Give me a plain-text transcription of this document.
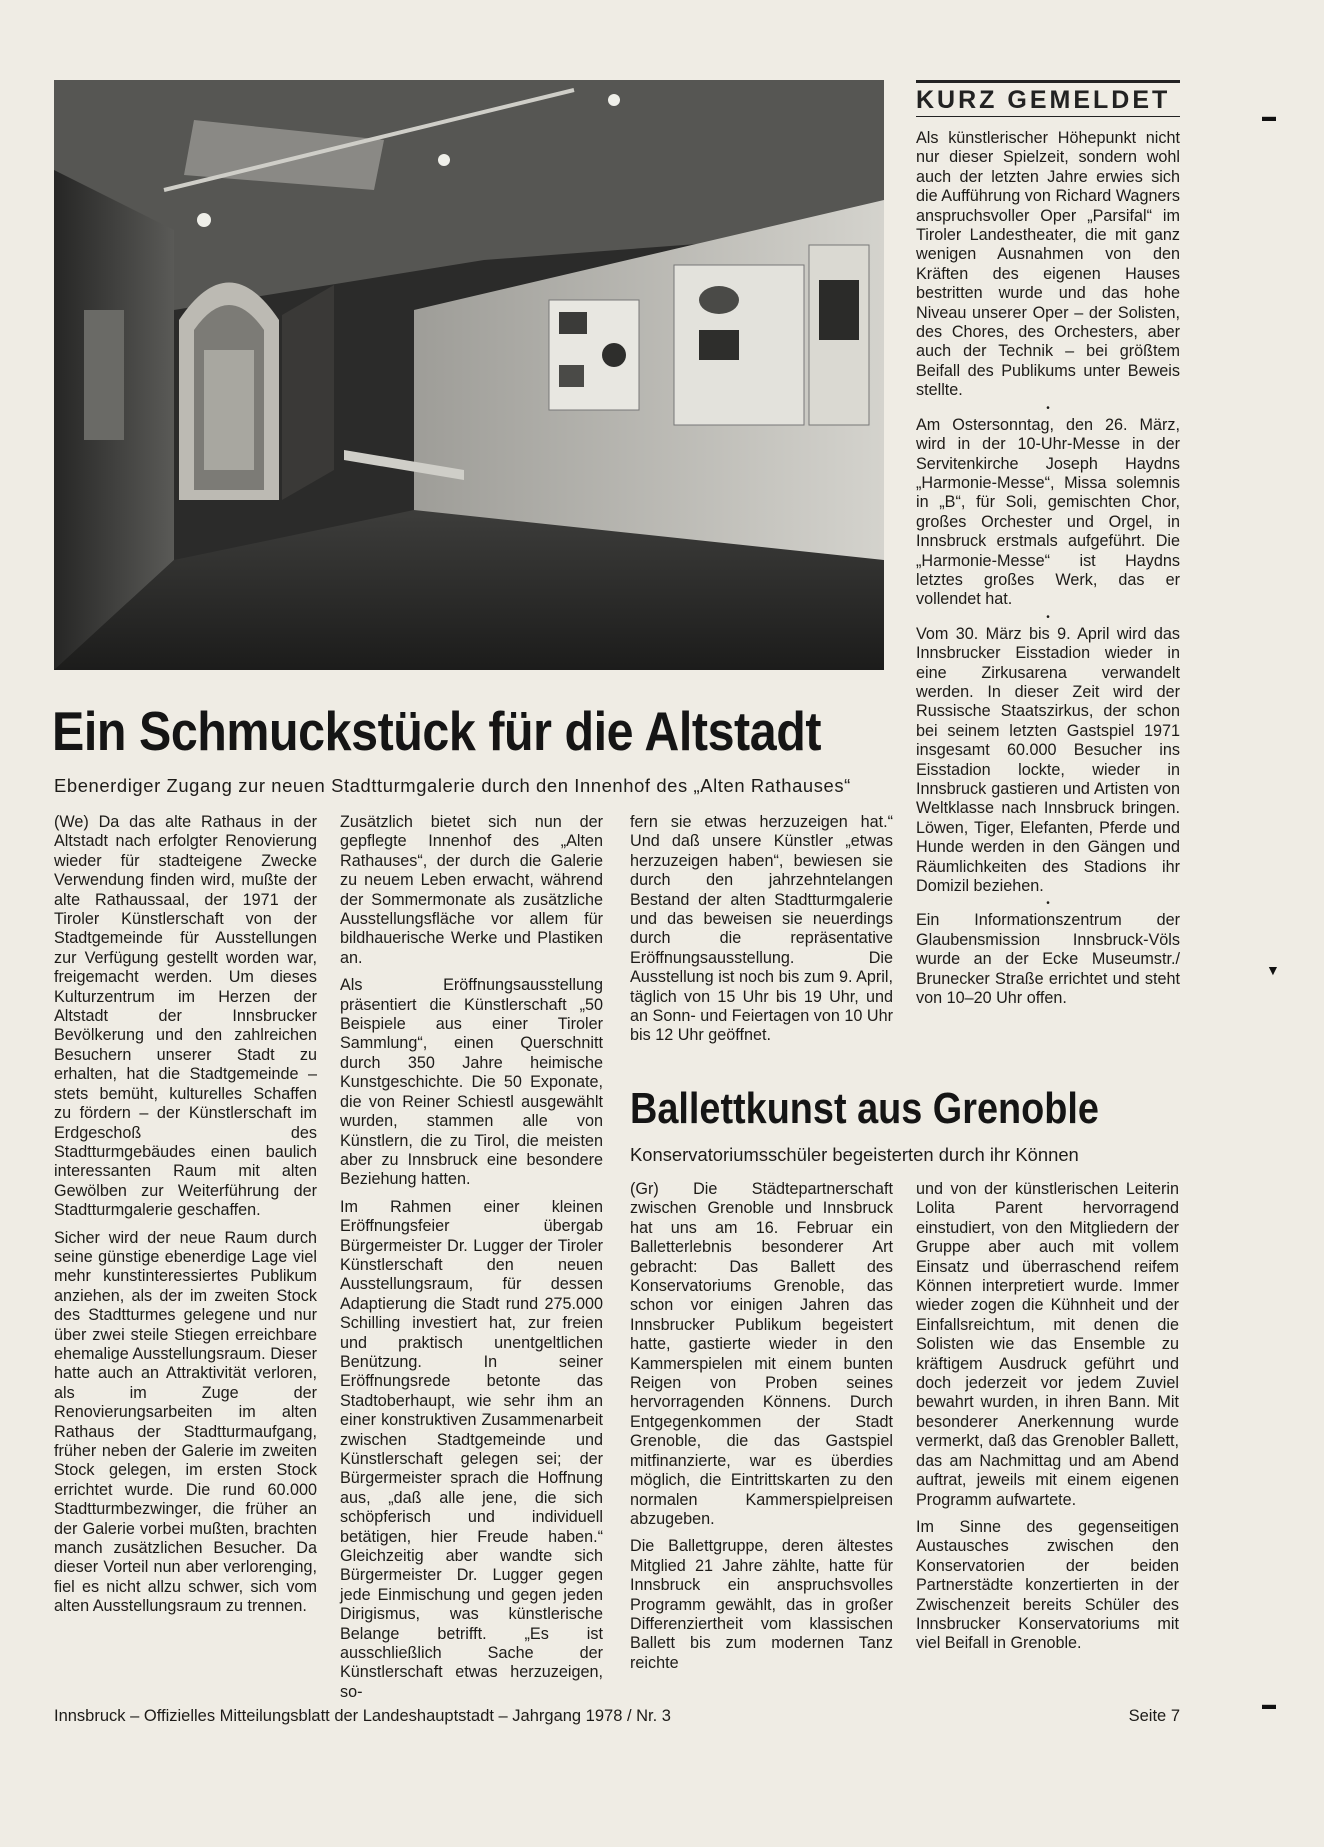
KURZ GEMELDET

Als künstlerischer Höhepunkt nicht nur dieser Spielzeit, sondern wohl auch der letzten Jahre erwies sich die Aufführung von Richard Wagners anspruchsvoller Oper „Parsifal“ im Tiroler Landestheater, die mit ganz wenigen Ausnahmen von den Kräften des eigenen Hauses bestritten wurde und das hohe Niveau unserer Oper – der Solisten, des Chores, des Orchesters, aber auch der Technik – bei größtem Beifall des Publikums unter Beweis stellte.

•

Am Ostersonntag, den 26. März, wird in der 10-Uhr-Messe in der Servitenkirche Joseph Haydns „Harmonie-Messe“, Missa solemnis in „B“, für Soli, gemischten Chor, großes Orchester und Orgel, in Innsbruck erstmals aufgeführt. Die „Harmonie-Messe“ ist Haydns letztes großes Werk, das er vollendet hat.

•

Vom 30. März bis 9. April wird das Innsbrucker Eisstadion wieder in eine Zirkusarena verwandelt werden. In dieser Zeit wird der Russische Staatszirkus, der schon bei seinem letzten Gastspiel 1971 insgesamt 60.000 Besucher ins Eisstadion lockte, wieder in Innsbruck gastieren und Artisten von Weltklasse nach Innsbruck bringen. Löwen, Tiger, Elefanten, Pferde und Hunde werden in den Gängen und Räumlichkeiten des Stadions ihr Domizil beziehen.

•

Ein Informationszentrum der Glaubensmission Innsbruck-Völs wurde an der Ecke Museumstr./ Brunecker Straße errichtet und steht von 10–20 Uhr offen.

Ein Schmuckstück für die Altstadt

Ebenerdiger Zugang zur neuen Stadtturmgalerie durch den Innenhof des „Alten Rathauses“

(We) Da das alte Rathaus in der Altstadt nach erfolgter Renovierung wieder für stadteigene Zwecke Verwendung finden wird, mußte der alte Rathaussaal, der 1971 der Tiroler Künstlerschaft von der Stadtgemeinde für Ausstellungen zur Verfügung gestellt worden war, freigemacht werden. Um dieses Kulturzentrum im Herzen der Altstadt der Innsbrucker Bevölkerung und den zahlreichen Besuchern unserer Stadt zu erhalten, hat die Stadtgemeinde – stets bemüht, kulturelles Schaffen zu fördern – der Künstlerschaft im Erdgeschoß des Stadtturmgebäudes einen baulich interessanten Raum mit alten Gewölben zur Weiterführung der Stadtturmgalerie geschaffen.

Sicher wird der neue Raum durch seine günstige ebenerdige Lage viel mehr kunstinteressiertes Publikum anziehen, als der im zweiten Stock des Stadtturmes gelegene und nur über zwei steile Stiegen erreichbare ehemalige Ausstellungsraum. Dieser hatte auch an Attraktivität verloren, als im Zuge der Renovierungsarbeiten im alten Rathaus der Stadtturmaufgang, früher neben der Galerie im zweiten Stock gelegen, im ersten Stock errichtet wurde. Die rund 60.000 Stadtturmbezwinger, die früher an der Galerie vorbei mußten, brachten manch zusätzlichen Besucher. Da dieser Vorteil nun aber verlorenging, fiel es nicht allzu schwer, sich vom alten Ausstellungsraum zu trennen.

Zusätzlich bietet sich nun der gepflegte Innenhof des „Alten Rathauses“, der durch die Galerie zu neuem Leben erwacht, während der Sommermonate als zusätzliche Ausstellungsfläche vor allem für bildhauerische Werke und Plastiken an.

Als Eröffnungsausstellung präsentiert die Künstlerschaft „50 Beispiele aus einer Tiroler Sammlung“, einen Querschnitt durch 350 Jahre heimische Kunstgeschichte. Die 50 Exponate, die von Reiner Schiestl ausgewählt wurden, stammen alle von Künstlern, die zu Tirol, die meisten aber zu Innsbruck eine besondere Beziehung hatten.

Im Rahmen einer kleinen Eröffnungsfeier übergab Bürgermeister Dr. Lugger der Tiroler Künstlerschaft den neuen Ausstellungsraum, für dessen Adaptierung die Stadt rund 275.000 Schilling investiert hat, zur freien und praktisch unentgeltlichen Benützung. In seiner Eröffnungsrede betonte das Stadtoberhaupt, wie sehr ihm an einer konstruktiven Zusammenarbeit zwischen Stadtgemeinde und Künstlerschaft gelegen sei; der Bürgermeister sprach die Hoffnung aus, „daß alle jene, die sich schöpferisch und individuell betätigen, hier Freude haben.“ Gleichzeitig aber wandte sich Bürgermeister Dr. Lugger gegen jede Einmischung und gegen jeden Dirigismus, was künstlerische Belange betrifft. „Es ist ausschließlich Sache der Künstlerschaft etwas herzuzeigen, so-

fern sie etwas herzuzeigen hat.“ Und daß unsere Künstler „etwas herzuzeigen haben“, bewiesen sie durch den jahrzehntelangen Bestand der alten Stadtturmgalerie und das beweisen sie neuerdings durch die repräsentative Eröffnungsausstellung. Die Ausstellung ist noch bis zum 9. April, täglich von 15 Uhr bis 19 Uhr, und an Sonn- und Feiertagen von 10 Uhr bis 12 Uhr geöffnet.

Ballettkunst aus Grenoble

Konservatoriumsschüler begeisterten durch ihr Können

(Gr) Die Städtepartnerschaft zwischen Grenoble und Innsbruck hat uns am 16. Februar ein Balletterlebnis besonderer Art gebracht: Das Ballett des Konservatoriums Grenoble, das schon vor einigen Jahren das Innsbrucker Publikum begeistert hatte, gastierte wieder in den Kammerspielen mit einem bunten Reigen von Proben seines hervorragenden Könnens. Durch Entgegenkommen der Stadt Grenoble, die das Gastspiel mitfinanzierte, war es überdies möglich, die Eintrittskarten zu den normalen Kammerspielpreisen abzugeben.

Die Ballettgruppe, deren ältestes Mitglied 21 Jahre zählte, hatte für Innsbruck ein anspruchsvolles Programm gewählt, das in großer Differenziertheit vom klassischen Ballett bis zum modernen Tanz reichte

und von der künstlerischen Leiterin Lolita Parent hervorragend einstudiert, von den Mitgliedern der Gruppe aber auch mit vollem Einsatz und überraschend reifem Können interpretiert wurde. Immer wieder zogen die Kühnheit und der Einfallsreichtum, mit denen die Solisten wie das Ensemble zu kräftigem Ausdruck geführt und doch jederzeit vor jedem Zuviel bewahrt wurden, in ihren Bann. Mit besonderer Anerkennung wurde vermerkt, daß das Grenobler Ballett, das am Nachmittag und am Abend auftrat, jeweils mit einem eigenen Programm aufwartete.

Im Sinne des gegenseitigen Austausches zwischen den Konservatorien der beiden Partnerstädte konzertierten in der Zwischenzeit bereits Schüler des Innsbrucker Konservatoriums mit viel Beifall in Grenoble.

Innsbruck – Offizielles Mitteilungsblatt der Landeshauptstadt – Jahrgang 1978 / Nr. 3	Seite 7
▬
▼
▬
